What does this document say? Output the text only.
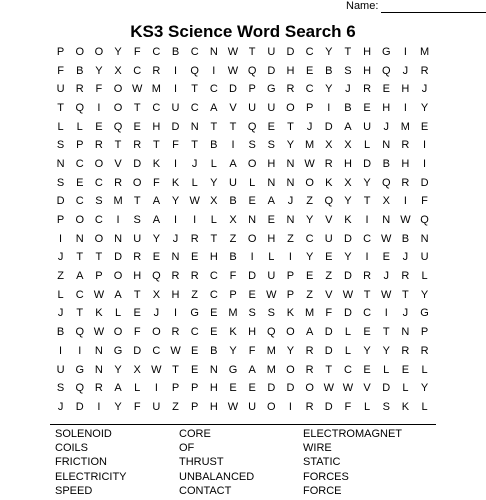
Name:
KS3 Science Word Search 6
P	O O	Y	F	C	B	C	N W T	U	D	C	Y	T	H G	I	M
F	B	Y	X	C	R	I	Q	I	W Q D	H	E	B	S	H Q	J	R
U	R	F	O W M	I	T	C	D	P	G R	C	Y	J	R	E	H	J
T	Q	I	O	T	C	U	C	A	V	U	U O	P	I	B	E	H	I	Y
L	L	E	Q	E	H	D	N	T	T	Q	E	T	J	D	A	U	J	M E
S	P	R	T	R	T	F	T	B	I	S	S	Y M X	X	L	N	R	I
N	C O	V	D	K	I	J	L	A	O H	N W R	H	D	B	H	I
S	E	C	R O	F	K	L	Y	U	L	N	N O	K	X	Y	Q R	D
D	C	S M	T	A	Y W X	B	E	A	J	Z	Q	Y	T	X	I	F
P	O C	I	S	A	I	I	L	X	N	E	N	Y	V	K	I	N W Q
I	N O N	U	Y	J	R	T	Z	O H	Z	C	U	D	C W B	N
J	T	T	D	R	E	N	E	H	B	I	L	I	Y	E	Y	I	E	J	U
Z	A	P	O H Q R	R	C	F	D	U	P	E	Z	D	R	J	R	L
L	C W A	T	X	H	Z	C	P	E W P	Z	V W T W T	Y
J	T	K	L	E	J	I	G	E M S	S	K M	F	D	C	I	J	G
B	Q W O	F	O R	C	E	K	H Q O	A	D	L	E	T	N	P
I	I	N G D	C W E	B	Y	F	M Y	R	D	L	Y	Y	R	R
U G N	Y	X W T	E	N G	A M O R	T	C	E	L	E	L
S	Q R	A	L	I	P	P	H	E	E	D	D O W W V	D	L	Y
J	D	I	Y	F	U	Z	P	H W U O	I	R	D	F	L	S	K	L
SOLENOID	CORE	ELECTROMAGNET
COILS	OF	WIRE
FRICTION	THRUST	STATIC
ELECTRICITY	UNBALANCED	FORCES
SPEED	CONTACT	FORCE
